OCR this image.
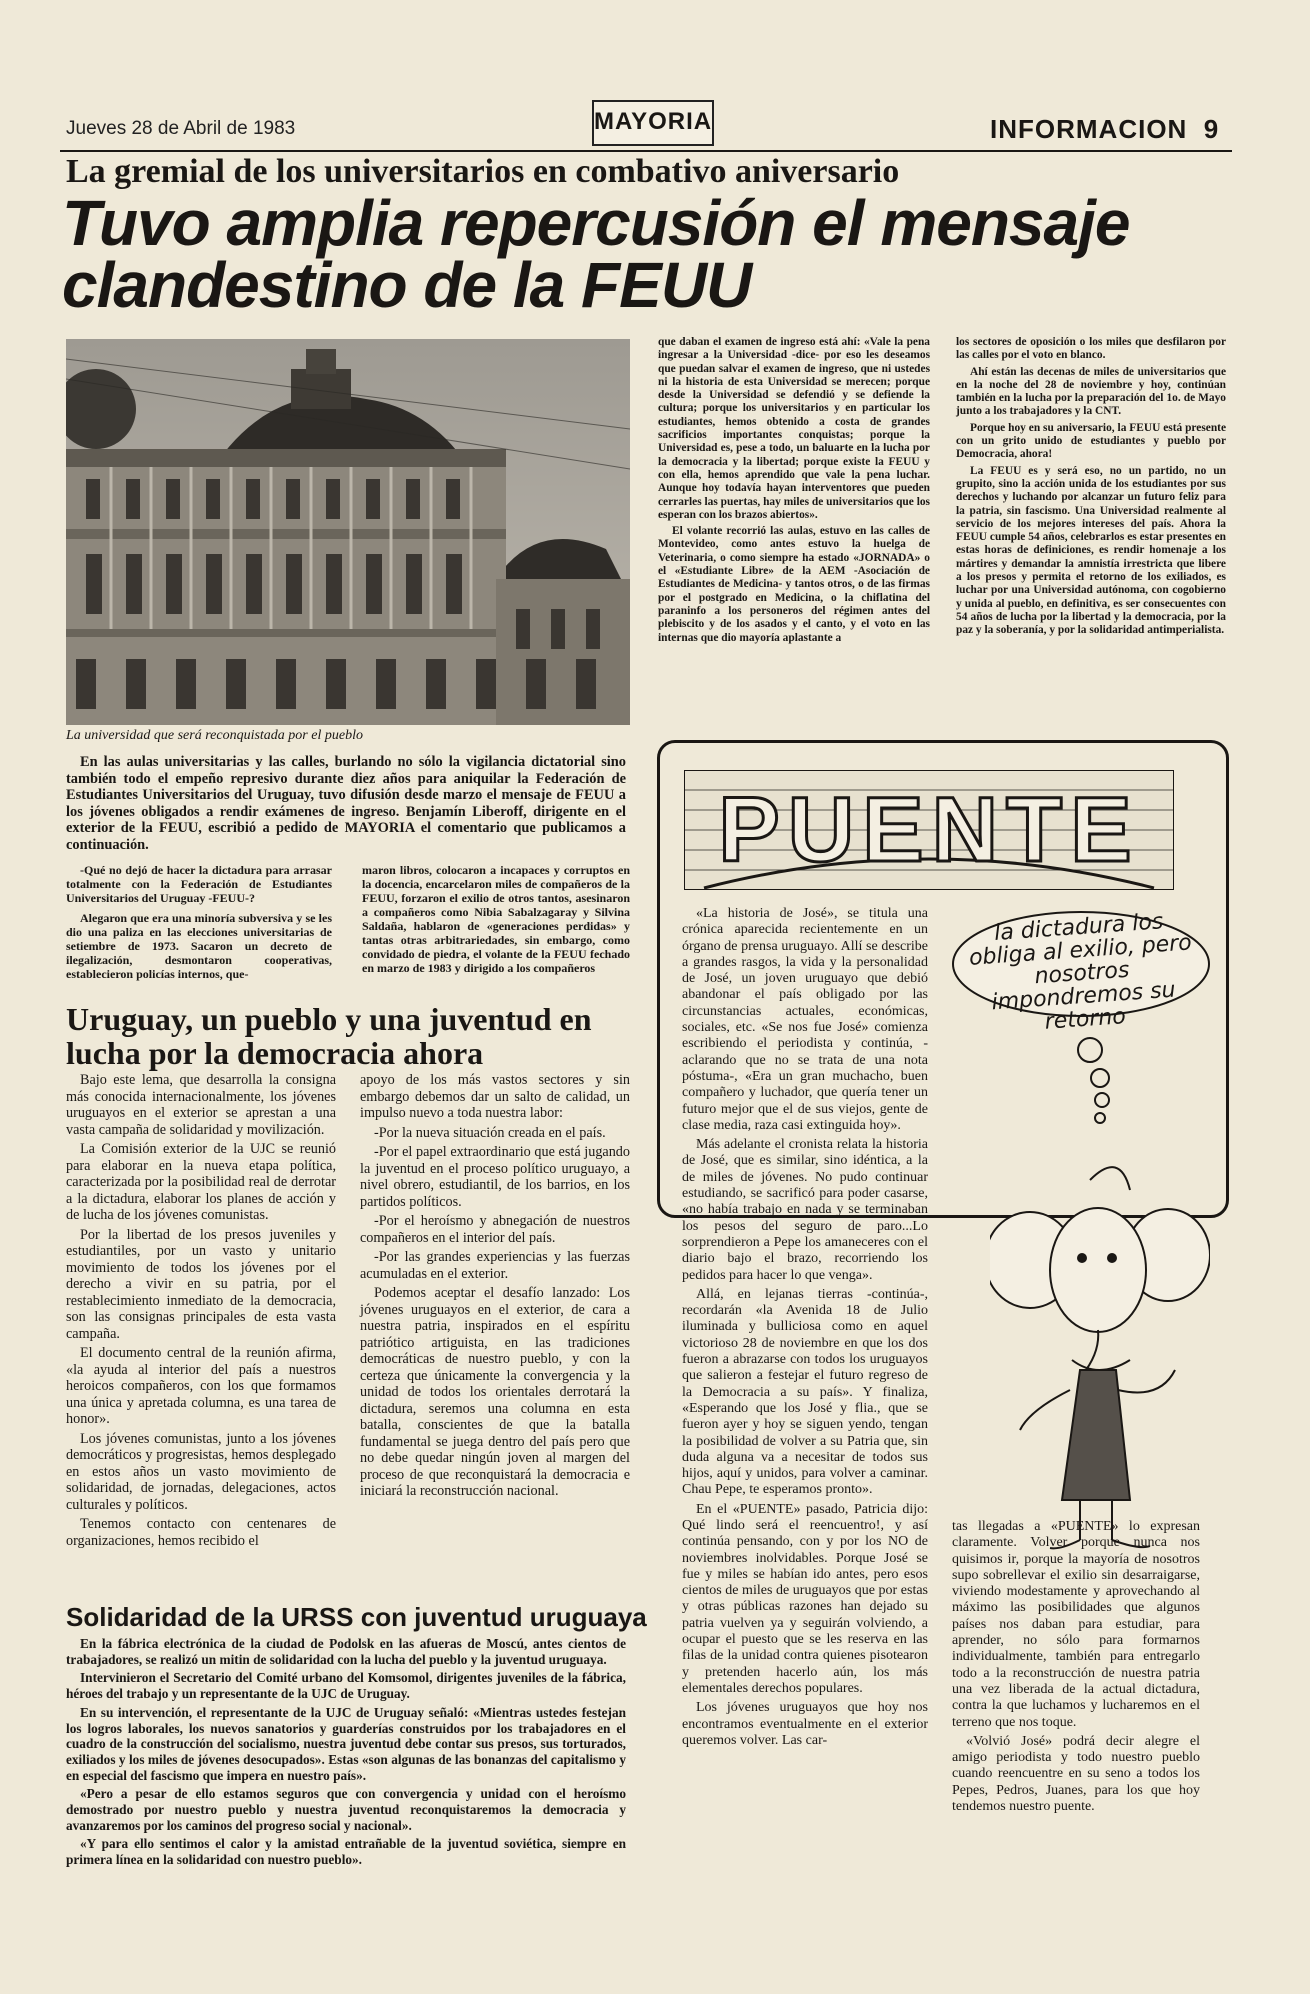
Jueves 28 de Abril de 1983	MAYORIA	INFORMACION 9
La gremial de los universitarios en combativo aniversario
Tuvo amplia repercusión el mensaje clandestino de la FEUU
La universidad que será reconquistada por el pueblo

En las aulas universitarias y las calles, burlando no sólo la vigilancia dictatorial sino también todo el empeño represivo durante diez años para aniquilar la Federación de Estudiantes Universitarios del Uruguay, tuvo difusión desde marzo el mensaje de FEUU a los jóvenes obligados a rendir exámenes de ingreso. Benjamín Liberoff, dirigente en el exterior de la FEUU, escribió a pedido de MAYORIA el comentario que publicamos a continuación.

-Qué no dejó de hacer la dictadura para arrasar totalmente con la Federación de Estudiantes Universitarios del Uruguay -FEUU-?

Alegaron que era una minoría subversiva y se les dio una paliza en las elecciones universitarias de setiembre de 1973. Sacaron un decreto de ilegalización, desmontaron cooperativas, establecieron policías internos, que-

maron libros, colocaron a incapaces y corruptos en la docencia, encarcelaron miles de compañeros de la FEUU, forzaron el exilio de otros tantos, asesinaron a compañeros como Nibia Sabalzagaray y Silvina Saldaña, hablaron de «generaciones perdidas» y tantas otras arbitrariedades, sin embargo, como convidado de piedra, el volante de la FEUU fechado en marzo de 1983 y dirigido a los compañeros

que daban el examen de ingreso está ahí: «Vale la pena ingresar a la Universidad -dice- por eso les deseamos que puedan salvar el examen de ingreso, que ni ustedes ni la historia de esta Universidad se merecen; porque desde la Universidad se defendió y se defiende la cultura; porque los universitarios y en particular los estudiantes, hemos obtenido a costa de grandes sacrificios importantes conquistas; porque la Universidad es, pese a todo, un baluarte en la lucha por la democracia y la libertad; porque existe la FEUU y con ella, hemos aprendido que vale la pena luchar. Aunque hoy todavía hayan interventores que pueden cerrarles las puertas, hay miles de universitarios que los esperan con los brazos abiertos».

El volante recorrió las aulas, estuvo en las calles de Montevideo, como antes estuvo la huelga de Veterinaria, o como siempre ha estado «JORNADA» o el «Estudiante Libre» de la AEM -Asociación de Estudiantes de Medicina- y tantos otros, o de las firmas por el postgrado en Medicina, o la chiflatina del paraninfo a los personeros del régimen antes del plebiscito y de los asados y el canto, y el voto en las internas que dio mayoría aplastante a

los sectores de oposición o los miles que desfilaron por las calles por el voto en blanco.

Ahí están las decenas de miles de universitarios que en la noche del 28 de noviembre y hoy, continúan también en la lucha por la preparación del 1o. de Mayo junto a los trabajadores y la CNT.

Porque hoy en su aniversario, la FEUU está presente con un grito unido de estudiantes y pueblo por Democracia, ahora!

La FEUU es y será eso, no un partido, no un grupito, sino la acción unida de los estudiantes por sus derechos y luchando por alcanzar un futuro feliz para la patria, sin fascismo. Una Universidad realmente al servicio de los mejores intereses del país. Ahora la FEUU cumple 54 años, celebrarlos es estar presentes en estas horas de definiciones, es rendir homenaje a los mártires y demandar la amnistía irrestricta que libere a los presos y permita el retorno de los exiliados, es luchar por una Universidad autónoma, con cogobierno y unida al pueblo, en definitiva, es ser consecuentes con 54 años de lucha por la libertad y la democracia, por la paz y la soberanía, y por la solidaridad antimperialista.

Uruguay, un pueblo y una juventud en lucha por la democracia ahora

Bajo este lema, que desarrolla la consigna más conocida internacionalmente, los jóvenes uruguayos en el exterior se aprestan a una vasta campaña de solidaridad y movilización.

La Comisión exterior de la UJC se reunió para elaborar en la nueva etapa política, caracterizada por la posibilidad real de derrotar a la dictadura, elaborar los planes de acción y de lucha de los jóvenes comunistas.

Por la libertad de los presos juveniles y estudiantiles, por un vasto y unitario movimiento de todos los jóvenes por el derecho a vivir en su patria, por el restablecimiento inmediato de la democracia, son las consignas principales de esta vasta campaña.

El documento central de la reunión afirma, «la ayuda al interior del país a nuestros heroicos compañeros, con los que formamos una única y apretada columna, es una tarea de honor».

Los jóvenes comunistas, junto a los jóvenes democráticos y progresistas, hemos desplegado en estos años un vasto movimiento de solidaridad, de jornadas, delegaciones, actos culturales y políticos.

Tenemos contacto con centenares de organizaciones, hemos recibido el

apoyo de los más vastos sectores y sin embargo debemos dar un salto de calidad, un impulso nuevo a toda nuestra labor:

-Por la nueva situación creada en el país.

-Por el papel extraordinario que está jugando la juventud en el proceso político uruguayo, a nivel obrero, estudiantil, de los barrios, en los partidos políticos.

-Por el heroísmo y abnegación de nuestros compañeros en el interior del país.

-Por las grandes experiencias y las fuerzas acumuladas en el exterior.

Podemos aceptar el desafío lanzado: Los jóvenes uruguayos en el exterior, de cara a nuestra patria, inspirados en el espíritu patriótico artiguista, en las tradiciones democráticas de nuestro pueblo, y con la certeza que únicamente la convergencia y la unidad de todos los orientales derrotará la dictadura, seremos una columna en esta batalla, conscientes de que la batalla fundamental se juega dentro del país pero que no debe quedar ningún joven al margen del proceso de que reconquistará la democracia e iniciará la reconstrucción nacional.

Solidaridad de la URSS con juventud uruguaya

En la fábrica electrónica de la ciudad de Podolsk en las afueras de Moscú, antes cientos de trabajadores, se realizó un mitin de solidaridad con la lucha del pueblo y la juventud uruguaya.

Intervinieron el Secretario del Comité urbano del Komsomol, dirigentes juveniles de la fábrica, héroes del trabajo y un representante de la UJC de Uruguay.

En su intervención, el representante de la UJC de Uruguay señaló: «Mientras ustedes festejan los logros laborales, los nuevos sanatorios y guarderías construidos por los trabajadores en el cuadro de la construcción del socialismo, nuestra juventud debe contar sus presos, sus torturados, exiliados y los miles de jóvenes desocupados». Estas «son algunas de las bonanzas del capitalismo y en especial del fascismo que impera en nuestro país».

«Pero a pesar de ello estamos seguros que con convergencia y unidad con el heroísmo demostrado por nuestro pueblo y nuestra juventud reconquistaremos la democracia y avanzaremos por los caminos del progreso social y nacional».

«Y para ello sentimos el calor y la amistad entrañable de la juventud soviética, siempre en primera línea en la solidaridad con nuestro pueblo».

PUENTE
la dictadura los obliga al exilio, pero nosotros impondremos su retorno

«La historia de José», se titula una crónica aparecida recientemente en un órgano de prensa uruguayo. Allí se describe a grandes rasgos, la vida y la personalidad de José, un joven uruguayo que debió abandonar el país obligado por las circunstancias actuales, económicas, sociales, etc. «Se nos fue José» comienza escribiendo el periodista y continúa, -aclarando que no se trata de una nota póstuma-, «Era un gran muchacho, buen compañero y luchador, que quería tener un futuro mejor que el de sus viejos, gente de clase media, raza casi extinguida hoy».

Más adelante el cronista relata la historia de José, que es similar, sino idéntica, a la de miles de jóvenes. No pudo continuar estudiando, se sacrificó para poder casarse, «no había trabajo en nada y se terminaban los pesos del seguro de paro...Lo sorprendieron a Pepe los amaneceres con el diario bajo el brazo, recorriendo los pedidos para hacer lo que venga».

Allá, en lejanas tierras -continúa-, recordarán «la Avenida 18 de Julio iluminada y bulliciosa como en aquel victorioso 28 de noviembre en que los dos fueron a abrazarse con todos los uruguayos que salieron a festejar el futuro regreso de la Democracia a su país». Y finaliza, «Esperando que los José y flia., que se fueron ayer y hoy se siguen yendo, tengan la posibilidad de volver a su Patria que, sin duda alguna va a necesitar de todos sus hijos, aquí y unidos, para volver a caminar. Chau Pepe, te esperamos pronto».

En el «PUENTE» pasado, Patricia dijo: Qué lindo será el reencuentro!, y así continúa pensando, con y por los NO de noviembres inolvidables. Porque José se fue y miles se habían ido antes, pero esos cientos de miles de uruguayos que por estas y otras públicas razones han dejado su patria vuelven ya y seguirán volviendo, a ocupar el puesto que se les reserva en las filas de la unidad contra quienes pisotearon y pretenden hacerlo aún, los más elementales derechos populares.

Los jóvenes uruguayos que hoy nos encontramos eventualmente en el exterior queremos volver. Las car-

tas llegadas a «PUENTE» lo expresan claramente. Volver porque nunca nos quisimos ir, porque la mayoría de nosotros supo sobrellevar el exilio sin desarraigarse, viviendo modestamente y aprovechando al máximo las posibilidades que algunos países nos daban para estudiar, para aprender, no sólo para formarnos individualmente, también para entregarlo todo a la reconstrucción de nuestra patria una vez liberada de la actual dictadura, contra la que luchamos y lucharemos en el terreno que nos toque.

«Volvió José» podrá decir alegre el amigo periodista y todo nuestro pueblo cuando reencuentre en su seno a todos los Pepes, Pedros, Juanes, para los que hoy tendemos nuestro puente.
